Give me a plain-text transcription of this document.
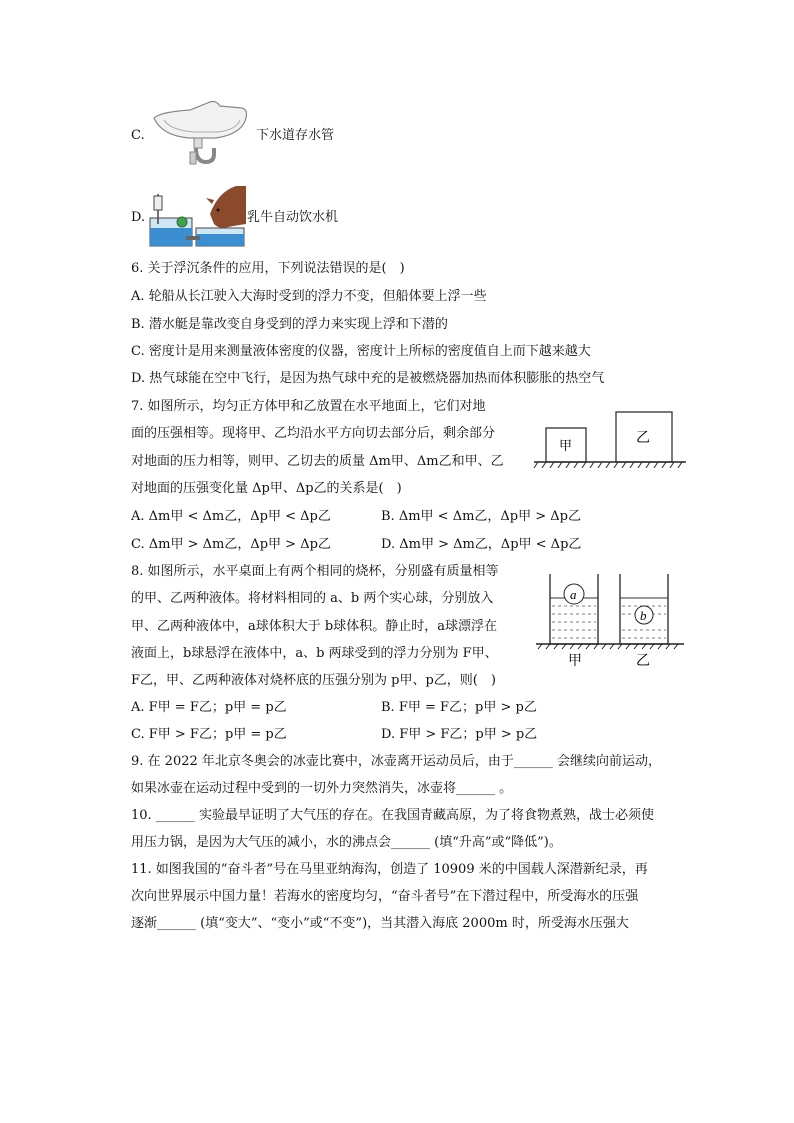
C.	下水道存水管
D.	乳牛自动饮水机
6. 关于浮沉条件的应用，下列说法错误的是(　)
A. 轮船从长江驶入大海时受到的浮力不变，但船体要上浮一些
B. 潜水艇是靠改变自身受到的浮力来实现上浮和下潜的
C. 密度计是用来测量液体密度的仪器，密度计上所标的密度值自上而下越来越大
D. 热气球能在空中飞行，是因为热气球中充的是被燃烧器加热而体积膨胀的热空气
7. 如图所示，均匀正方体甲和乙放置在水平地面上，它们对地
面的压强相等。现将甲、乙均沿水平方向切去部分后，剩余部分
对地面的压力相等，则甲、乙切去的质量 Δm甲、Δm乙和甲、乙
对地面的压强变化量 Δp甲、Δp乙的关系是(　)
甲
乙
A. Δm甲 < Δm乙，Δp甲 < Δp乙	B. Δm甲 < Δm乙，Δp甲 > Δp乙
C. Δm甲 > Δm乙，Δp甲 > Δp乙	D. Δm甲 > Δm乙，Δp甲 < Δp乙
8. 如图所示，水平桌面上有两个相同的烧杯，分别盛有质量相等
的甲、乙两种液体。将材料相同的 a、b 两个实心球，分别放入
甲、乙两种液体中，a球体积大于 b球体积。静止时，a球漂浮在
液面上，b球悬浮在液体中，a、b 两球受到的浮力分别为 F甲、
F乙，甲、乙两种液体对烧杯底的压强分别为 p甲、p乙，则(　)
a
b
甲	乙
A. F甲 = F乙；p甲 = p乙	B. F甲 = F乙；p甲 > p乙
C. F甲 > F乙；p甲 = p乙	D. F甲 > F乙；p甲 > p乙
9. 在 2022 年北京冬奥会的冰壶比赛中，冰壶离开运动员后，由于______ 会继续向前运动，
如果冰壶在运动过程中受到的一切外力突然消失，冰壶将______ 。
10. ______ 实验最早证明了大气压的存在。在我国青藏高原，为了将食物煮熟，战士必须使
用压力锅，是因为大气压的减小，水的沸点会______ (填“升高”或“降低”)。
11. 如图我国的“奋斗者”号在马里亚纳海沟，创造了 10909 米的中国载人深潜新纪录，再
次向世界展示中国力量！若海水的密度均匀，“奋斗者号”在下潜过程中，所受海水的压强
逐渐______ (填“变大”、“变小”或“不变”)，当其潜入海底 2000m 时，所受海水压强大
